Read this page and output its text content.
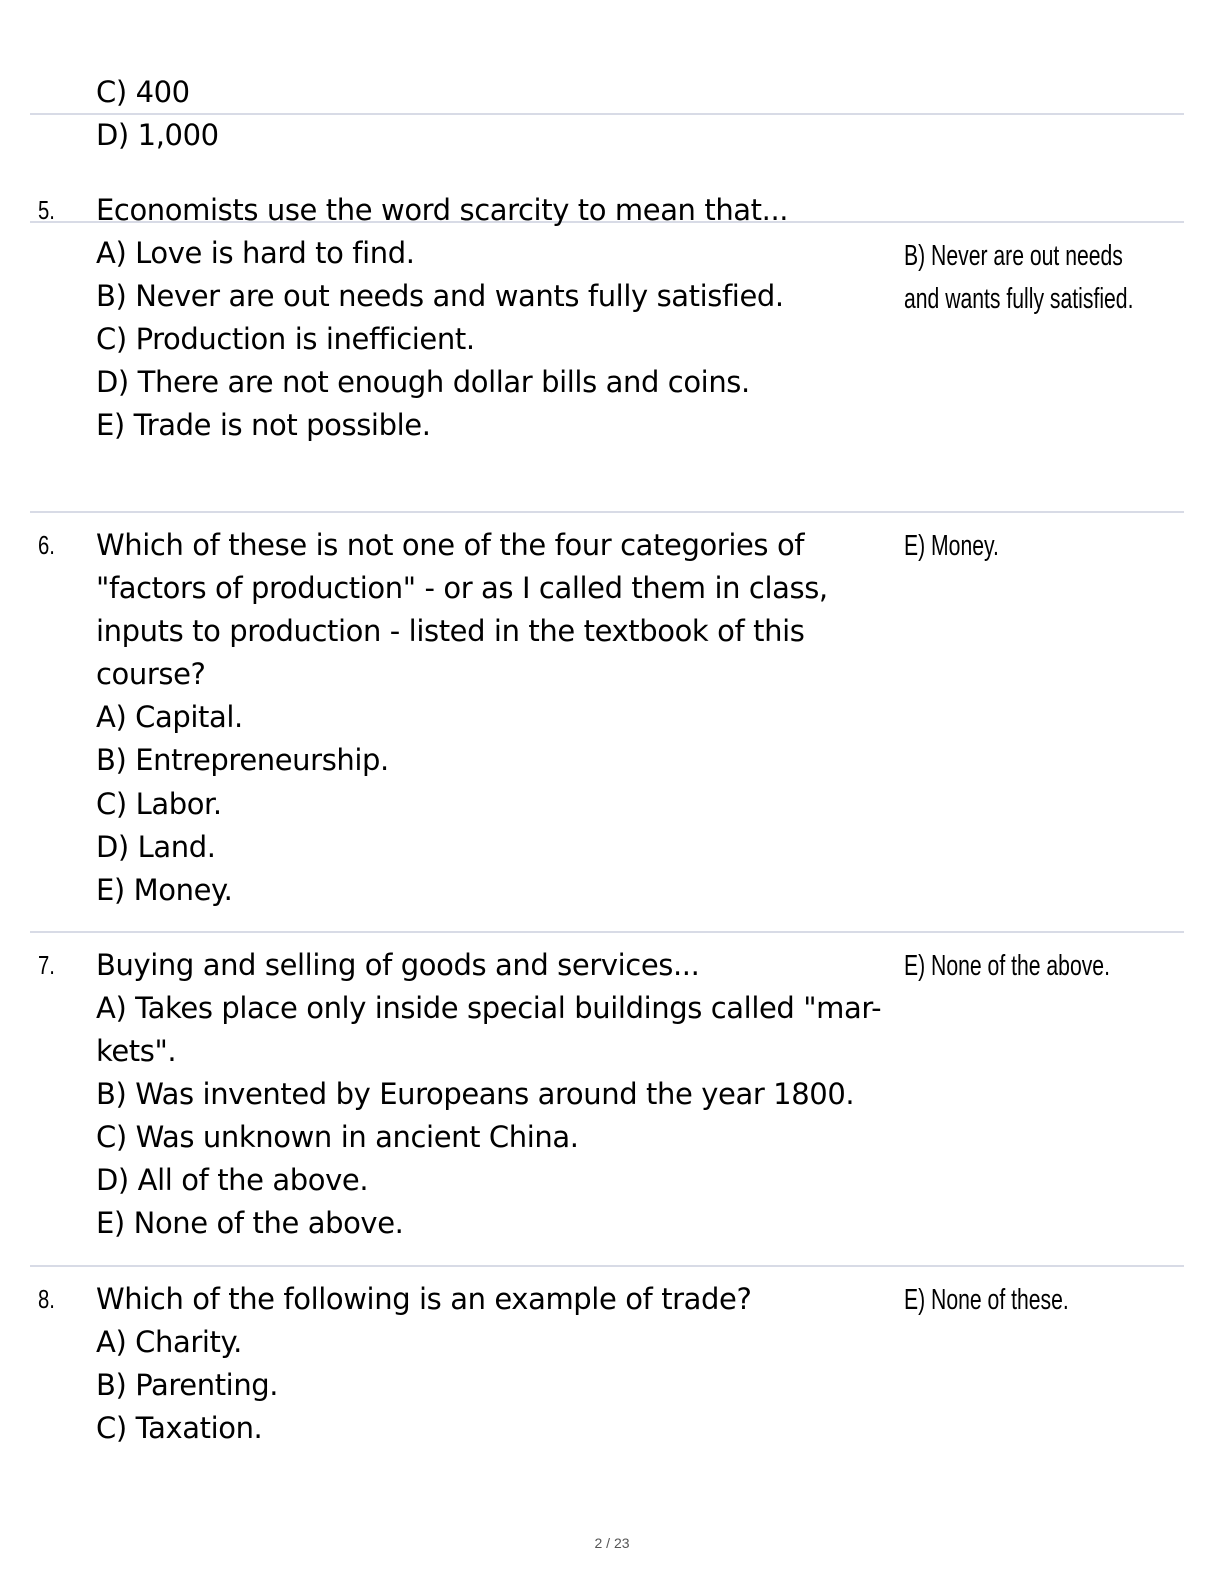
C) 400
D) 1,000
5. Economists use the word scarcity to mean that...
A) Love is hard to find.
B) Never are out needs and wants fully satisfied.
C) Production is inefficient.
D) There are not enough dollar bills and coins.
E) Trade is not possible.
B) Never are out needs
and wants fully satisfied.
6. Which of these is not one of the four categories of
"factors of production" - or as I called them in class,
inputs to production - listed in the textbook of this
course?
A) Capital.
B) Entrepreneurship.
C) Labor.
D) Land.
E) Money.
E) Money.
7. Buying and selling of goods and services...
A) Takes place only inside special buildings called "mar-
kets".
B) Was invented by Europeans around the year 1800.
C) Was unknown in ancient China.
D) All of the above.
E) None of the above.
E) None of the above.
8. Which of the following is an example of trade?
A) Charity.
B) Parenting.
C) Taxation.
E) None of these.
2 / 23
